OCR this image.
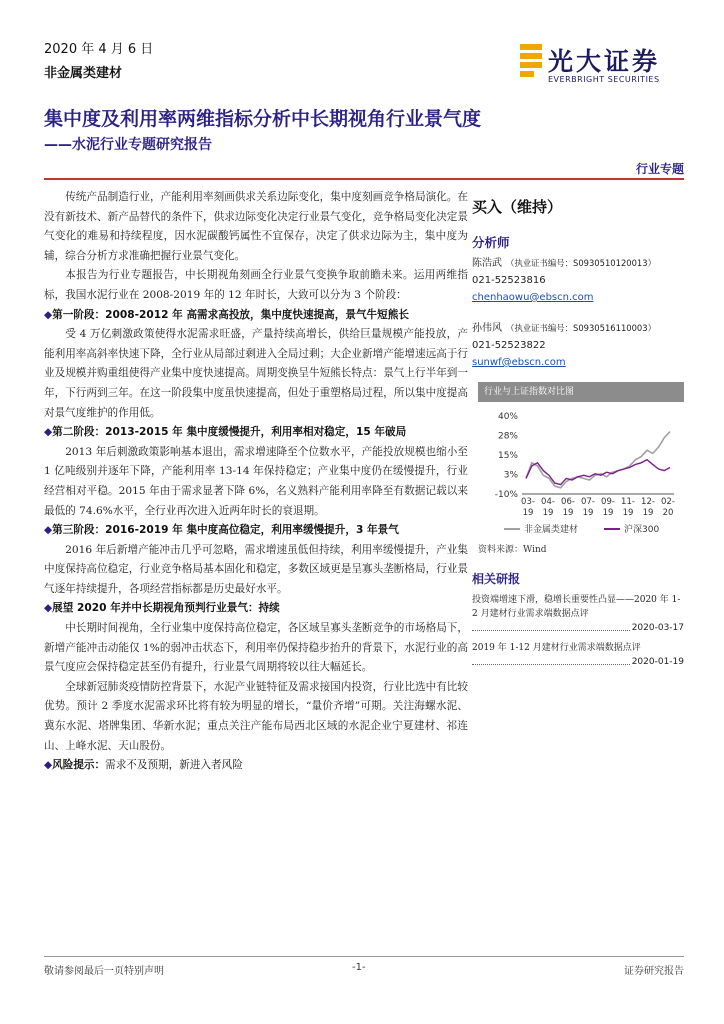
2020 年 4 月 6 日
非金属类建材	光大证券
EVERBRIGHT SECURITIES
集中度及利用率两维指标分析中长期视角行业景气度
——水泥行业专题研究报告
行业专题

传统产品制造行业，产能利用率刻画供求关系边际变化，集中度刻画竞争格局演化。在没有新技术、新产品替代的条件下，供求边际变化决定行业景气变化，竞争格局变化决定景气变化的难易和持续程度，因水泥碳酸钙属性不宜保存，决定了供求边际为主，集中度为辅，综合分析方求准确把握行业景气变化。

本报告为行业专题报告，中长期视角刻画全行业景气变换争取前瞻未来。运用两维指标，我国水泥行业在 2008-2019 年的 12 年时长，大致可以分为 3 个阶段：

◆第一阶段：2008-2012 年 高需求高投放，集中度快速提高，景气牛短熊长

受 4 万亿刺激政策使得水泥需求旺盛，产量持续高增长，供给巨量规模产能投放，产能利用率高斜率快速下降，全行业从局部过剩进入全局过剩；大企业新增产能增速远高于行业及规模并购重组使得产业集中度快速提高。周期变换呈牛短熊长特点：景气上行半年到一年，下行两到三年。在这一阶段集中度虽快速提高，但处于重塑格局过程，所以集中度提高对景气度维护的作用低。

◆第二阶段：2013-2015 年 集中度缓慢提升，利用率相对稳定，15 年破局

2013 年后刺激政策影响基本退出，需求增速降至个位数水平，产能投放规模也缩小至 1 亿吨级别并逐年下降，产能利用率 13-14 年保持稳定；产业集中度仍在缓慢提升，行业经营相对平稳。2015 年由于需求显著下降 6%，名义熟料产能利用率降至有数据记载以来最低的 74.6%水平，全行业再次进入近两年时长的衰退期。

◆第三阶段：2016-2019 年 集中度高位稳定，利用率缓慢提升，3 年景气

2016 年后新增产能冲击几乎可忽略，需求增速虽低但持续，利用率缓慢提升，产业集中度保持高位稳定，行业竞争格局基本固化和稳定，多数区域更是呈寡头垄断格局，行业景气逐年持续提升，各项经营指标都是历史最好水平。

◆展望 2020 年并中长期视角预判行业景气：持续

中长期时间视角，全行业集中度保持高位稳定，各区域呈寡头垄断竞争的市场格局下，新增产能冲击动能仅 1%的弱冲击状态下，利用率仍保持稳步抬升的背景下，水泥行业的高景气度应会保持稳定甚至仍有提升，行业景气周期将较以往大幅延长。

全球新冠肺炎疫情防控背景下，水泥产业链特征及需求接国内投资，行业比选中有比较优势。预计 2 季度水泥需求环比将有较为明显的增长，“量价齐增”可期。关注海螺水泥、冀东水泥、塔牌集团、华新水泥；重点关注产能布局西北区域的水泥企业宁夏建材、祁连山、上峰水泥、天山股份。

◆风险提示：需求不及预期，新进入者风险

买入（维持）
分析师
陈浩武 （执业证书编号：S0930510120013）
021-52523816
chenhaowu@ebscn.com
孙伟风 （执业证书编号：S0930516110003）
021-52523822
sunwf@ebscn.com
行业与上证指数对比图
40%
28%
15%
3%
-10%
03-
19
04-
19
06-
19
07-
19
09-
19
11-
19
12-
19
02-
20
非金属类建材	沪深300
资料来源：Wind
相关研报
投资端增速下滑，稳增长重要性凸显——2020 年 1-2 月建材行业需求端数据点评
2020-03-17
2019 年 1-12 月建材行业需求端数据点评
2020-01-19
敬请参阅最后一页特别声明	-1-	证券研究报告
